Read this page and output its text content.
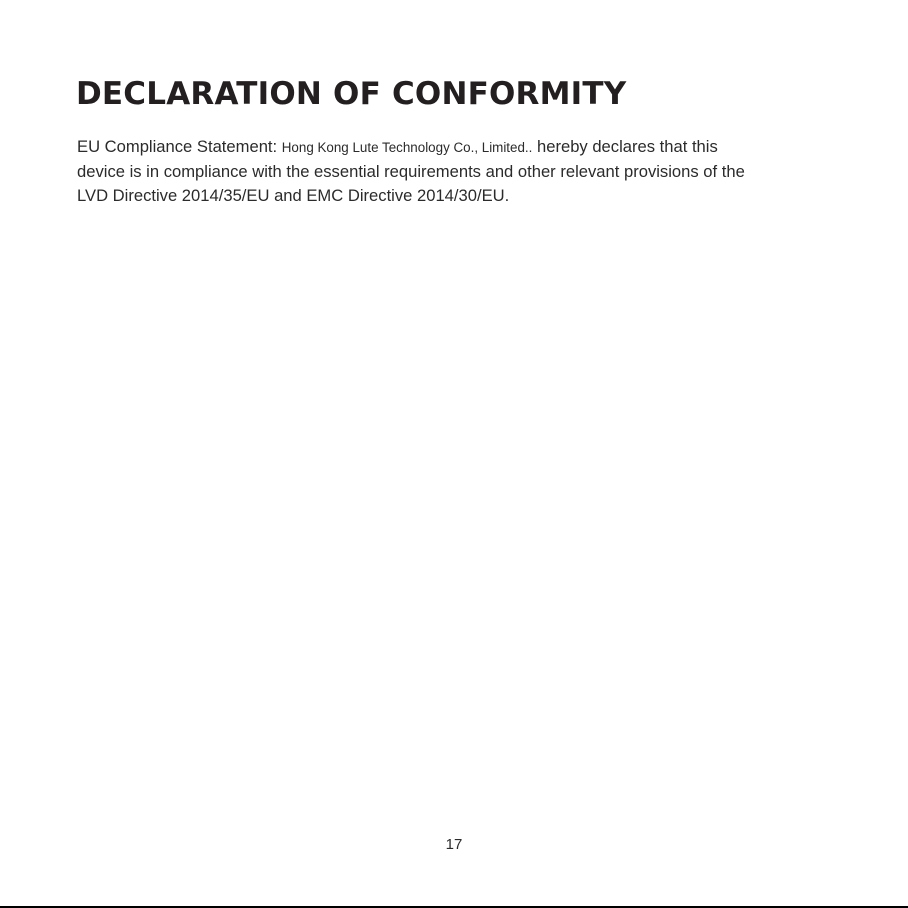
DECLARATION OF CONFORMITY

EU Compliance Statement: Hong Kong Lute Technology Co., Limited.. hereby declares that this
device is in compliance with the essential requirements and other relevant provisions of the
LVD Directive 2014/35/EU and EMC Directive 2014/30/EU.

17
